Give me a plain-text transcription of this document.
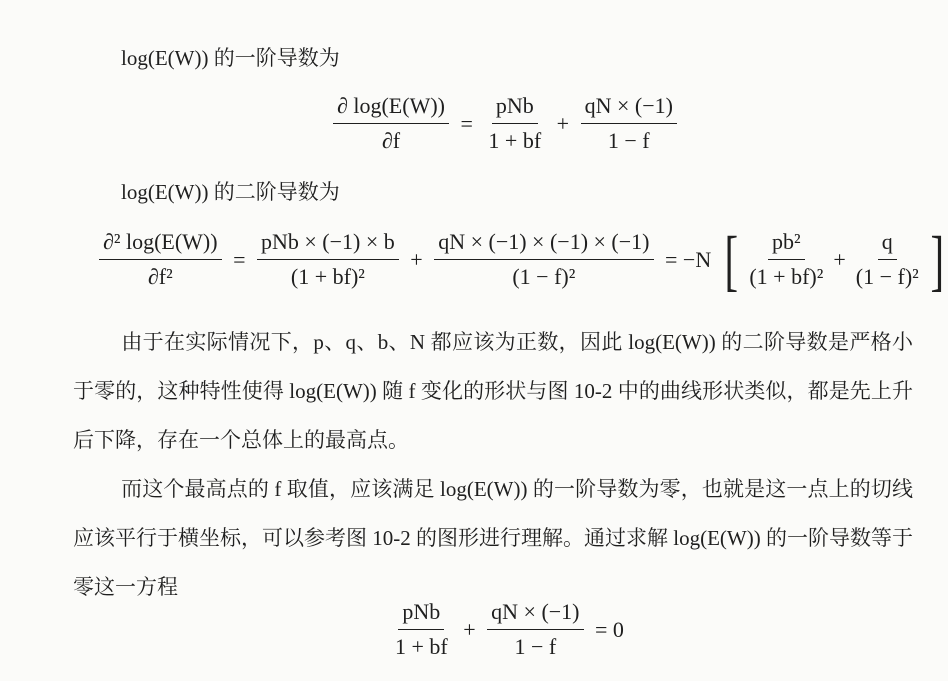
log(E(W)) 的一阶导数为
$\frac{\partial \log(E(W))}{\partial f} = \frac{\text{pNb}}{1 + bf} + \frac{qN \times (-1)}{1 - f}$
log(E(W)) 的二阶导数为
$\frac{\text{∂² log(E(W))}}{\text{∂f²}} = \frac{\text{pNb × (−1) × b}}{\text{(1 + bf)²}} + \frac{qN \times (-1) \times (-1) \times (-1)}{\text{(1 − f)²}} = -N$ [ $\frac{\text{pb²}}{\text{(1 + bf)²}} + \frac{q}{\text{(1 − f)²}}$ ]
由于在实际情况下，p、q、b、N 都应该为正数，因此 log(E(W)) 的二阶导数是严格小于零的，这种特性使得 log(E(W)) 随 f 变化的形状与图 10-2 中的曲线形状类似，都是先上升后下降，存在一个总体上的最高点。
而这个最高点的 f 取值，应该满足 log(E(W)) 的一阶导数为零，也就是这一点上的切线应该平行于横坐标，可以参考图 10-2 的图形进行理解。通过求解 log(E(W)) 的一阶导数等于零这一方程
$\frac{\text{pNb}}{1 + bf} + \frac{qN \times (-1)}{1 - f} = 0$
